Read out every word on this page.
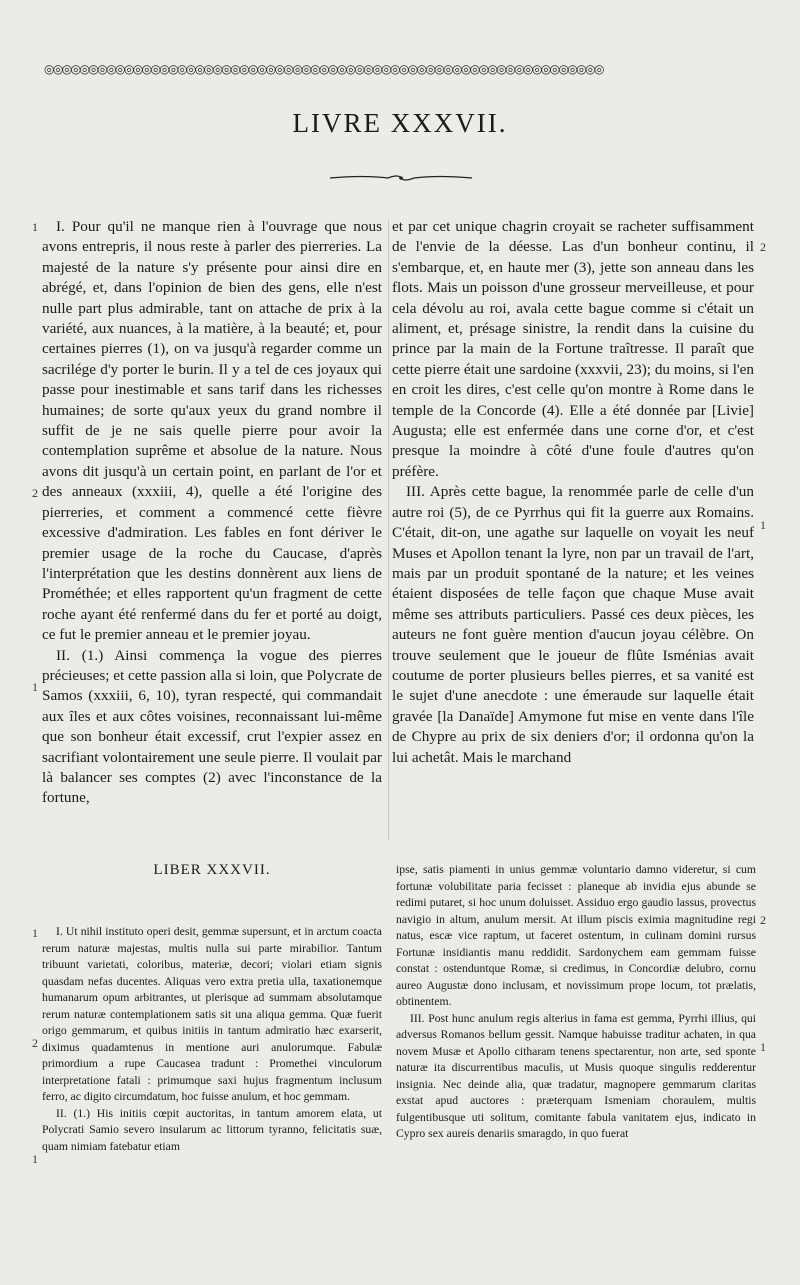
◎◎◎◎◎◎◎◎◎◎◎◎◎◎◎◎◎◎◎◎◎◎◎◎◎◎◎◎◎◎◎◎◎◎◎◎◎◎◎◎◎◎◎◎◎◎◎◎◎◎◎◎◎◎◎◎◎◎◎◎◎◎◎
LIVRE XXXVII.

I. Pour qu'il ne manque rien à l'ouvrage que nous avons entrepris, il nous reste à parler des pierreries. La majesté de la nature s'y présente pour ainsi dire en abrégé, et, dans l'opinion de bien des gens, elle n'est nulle part plus admirable, tant on attache de prix à la variété, aux nuances, à la matière, à la beauté; et, pour certaines pierres (1), on va jusqu'à regarder comme un sacrilége d'y porter le burin. Il y a tel de ces joyaux qui passe pour inestimable et sans tarif dans les richesses humaines; de sorte qu'aux yeux du grand nombre il suffit de je ne sais quelle pierre pour avoir la contemplation suprême et absolue de la nature. Nous avons dit jusqu'à un certain point, en parlant de l'or et des anneaux (xxxiii, 4), quelle a été l'origine des pierreries, et comment a commencé cette fièvre excessive d'admiration. Les fables en font dériver le premier usage de la roche du Caucase, d'après l'interprétation que les destins donnèrent aux liens de Prométhée; et elles rapportent qu'un fragment de cette roche ayant été renfermé dans du fer et porté au doigt, ce fut le premier anneau et le premier joyau.

II. (1.) Ainsi commença la vogue des pierres précieuses; et cette passion alla si loin, que Polycrate de Samos (xxxiii, 6, 10), tyran respecté, qui commandait aux îles et aux côtes voisines, reconnaissant lui-même que son bonheur était excessif, crut l'expier assez en sacrifiant volontairement une seule pierre. Il voulait par là balancer ses comptes (2) avec l'inconstance de la fortune,

et par cet unique chagrin croyait se racheter suffisamment de l'envie de la déesse. Las d'un bonheur continu, il s'embarque, et, en haute mer (3), jette son anneau dans les flots. Mais un poisson d'une grosseur merveilleuse, et pour cela dévolu au roi, avala cette bague comme si c'était un aliment, et, présage sinistre, la rendit dans la cuisine du prince par la main de la Fortune traîtresse. Il paraît que cette pierre était une sardoine (xxxvii, 23); du moins, si l'en en croit les dires, c'est celle qu'on montre à Rome dans le temple de la Concorde (4). Elle a été donnée par [Livie] Augusta; elle est enfermée dans une corne d'or, et c'est presque la moindre à côté d'une foule d'autres qu'on préfère.

III. Après cette bague, la renommée parle de celle d'un autre roi (5), de ce Pyrrhus qui fit la guerre aux Romains. C'était, dit-on, une agathe sur laquelle on voyait les neuf Muses et Apollon tenant la lyre, non par un travail de l'art, mais par un produit spontané de la nature; et les veines étaient disposées de telle façon que chaque Muse avait même ses attributs particuliers. Passé ces deux pièces, les auteurs ne font guère mention d'aucun joyau célèbre. On trouve seulement que le joueur de flûte Isménias avait coutume de porter plusieurs belles pierres, et sa vanité est le sujet d'une anecdote : une émeraude sur laquelle était gravée [la Danaïde] Amymone fut mise en vente dans l'île de Chypre au prix de six deniers d'or; il ordonna qu'on la lui achetât. Mais le marchand

1
2
1
2
1
LIBER XXXVII.

I. Ut nihil instituto operi desit, gemmæ supersunt, et in arctum coacta rerum naturæ majestas, multis nulla sui parte mirabilior. Tantum tribuunt varietati, coloribus, materiæ, decori; violari etiam signis quasdam nefas ducentes. Aliquas vero extra pretia ulla, taxationemque humanarum opum arbitrantes, ut plerisque ad summam absolutamque rerum naturæ contemplationem satis sit una aliqua gemma. Quæ fuerit origo gemmarum, et quibus initiis in tantum admiratio hæc exarserit, diximus quadamtenus in mentione auri anulorumque. Fabulæ primordium a rupe Caucasea tradunt : Promethei vinculorum interpretatione fatali : primumque saxi hujus fragmentum inclusum ferro, ac digito circumdatum, hoc fuisse anulum, et hoc gemmam.

II. (1.) His initiis cœpit auctoritas, in tantum amorem elata, ut Polycrati Samio severo insularum ac littorum tyranno, felicitatis suæ, quam nimiam fatebatur etiam

ipse, satis piamenti in unius gemmæ voluntario damno videretur, si cum fortunæ volubilitate paria fecisset : planeque ab invidia ejus abunde se redimi putaret, si hoc unum doluisset. Assiduo ergo gaudio lassus, provectus navigio in altum, anulum mersit. At illum piscis eximia magnitudine regi natus, escæ vice raptum, ut faceret ostentum, in culinam domini rursus Fortunæ insidiantis manu reddidit. Sardonychem eam gemmam fuisse constat : ostenduntque Romæ, si credimus, in Concordiæ delubro, cornu aureo Augustæ dono inclusam, et novissimum prope locum, tot prælatis, obtinentem.

III. Post hunc anulum regis alterius in fama est gemma, Pyrrhi illius, qui adversus Romanos bellum gessit. Namque habuisse traditur achaten, in qua novem Musæ et Apollo citharam tenens spectarentur, non arte, sed sponte naturæ ita discurrentibus maculis, ut Musis quoque singulis redderentur insignia. Nec deinde alia, quæ tradatur, magnopere gemmarum claritas exstat apud auctores : præterquam Ismeniam choraulem, multis fulgentibusque uti solitum, comitante fabula vanitatem ejus, indicato in Cypro sex aureis denariis smaragdo, in quo fuerat

1
2
1
2
1
